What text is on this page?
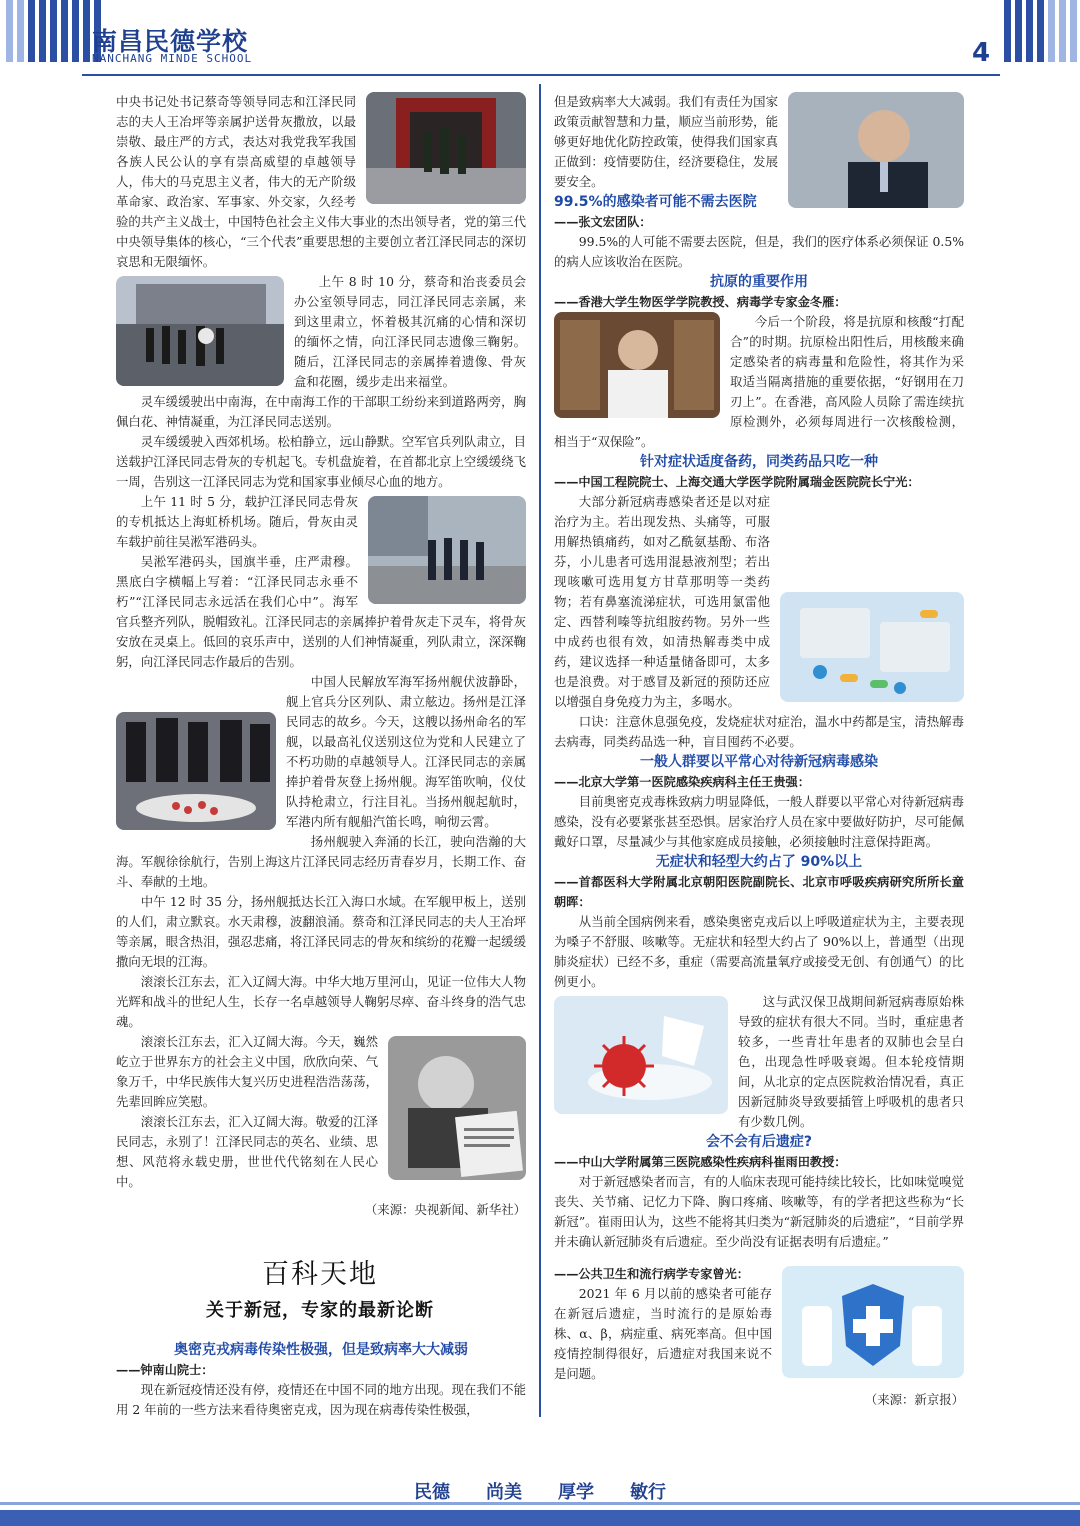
南昌民德学校
NANCHANG MINDE SCHOOL	4

中央书记处书记蔡奇等领导同志和江泽民同志的夫人王冶坪等亲属护送骨灰撒放，以最崇敬、最庄严的方式，表达对我党我军我国各族人民公认的享有崇高威望的卓越领导人，伟大的马克思主义者，伟大的无产阶级革命家、政治家、军事家、外交家，久经考验的共产主义战士，中国特色社会主义伟大事业的杰出领导者，党的第三代中央领导集体的核心，“三个代表”重要思想的主要创立者江泽民同志的深切哀思和无限缅怀。

上午 8 时 10 分，蔡奇和治丧委员会办公室领导同志，同江泽民同志亲属，来到这里肃立，怀着极其沉痛的心情和深切的缅怀之情，向江泽民同志遗像三鞠躬。随后，江泽民同志的亲属捧着遗像、骨灰盒和花圈，缓步走出来福堂。

灵车缓缓驶出中南海，在中南海工作的干部职工纷纷来到道路两旁，胸佩白花、神情凝重，为江泽民同志送别。

灵车缓缓驶入西郊机场。松柏静立，远山静默。空军官兵列队肃立，目送载护江泽民同志骨灰的专机起飞。专机盘旋着，在首都北京上空缓缓绕飞一周，告别这一江泽民同志为党和国家事业倾尽心血的地方。

上午 11 时 5 分，载护江泽民同志骨灰的专机抵达上海虹桥机场。随后，骨灰由灵车载护前往吴淞军港码头。

吴淞军港码头，国旗半垂，庄严肃穆。黑底白字横幅上写着：“江泽民同志永垂不朽”“江泽民同志永远活在我们心中”。海军官兵整齐列队，脱帽致礼。江泽民同志的亲属捧护着骨灰走下灵车，将骨灰安放在灵桌上。低回的哀乐声中，送别的人们神情凝重，列队肃立，深深鞠躬，向江泽民同志作最后的告别。

中国人民解放军海军扬州舰伏波静卧，舰上官兵分区列队、肃立舷边。扬州是江泽民同志的故乡。今天，这艘以扬州命名的军舰，以最高礼仪送别这位为党和人民建立了不朽功勋的卓越领导人。江泽民同志的亲属捧护着骨灰登上扬州舰。海军笛吹响，仪仗队持枪肃立，行注目礼。当扬州舰起航时，军港内所有舰船汽笛长鸣，响彻云霄。

扬州舰驶入奔涌的长江，驶向浩瀚的大海。军舰徐徐航行，告别上海这片江泽民同志经历青春岁月，长期工作、奋斗、奉献的土地。

中午 12 时 35 分，扬州舰抵达长江入海口水域。在军舰甲板上，送别的人们，肃立默哀。水天肃穆，波翻浪涌。蔡奇和江泽民同志的夫人王冶坪等亲属，眼含热泪，强忍悲痛，将江泽民同志的骨灰和缤纷的花瓣一起缓缓撒向无垠的江海。

滚滚长江东去，汇入辽阔大海。中华大地万里河山，见证一位伟大人物光辉和战斗的世纪人生，长存一名卓越领导人鞠躬尽瘁、奋斗终身的浩气忠魂。

滚滚长江东去，汇入辽阔大海。今天，巍然屹立于世界东方的社会主义中国，欣欣向荣、气象万千，中华民族伟大复兴历史进程浩浩荡荡，先辈回眸应笑慰。

滚滚长江东去，汇入辽阔大海。敬爱的江泽民同志，永别了！江泽民同志的英名、业绩、思想、风范将永载史册，世世代代铭刻在人民心中。

（来源：央视新闻、新华社）
百科天地
关于新冠，专家的最新论断
奥密克戎病毒传染性极强，但是致病率大大减弱
——钟南山院士：

现在新冠疫情还没有停，疫情还在中国不同的地方出现。现在我们不能用 2 年前的一些方法来看待奥密克戎，因为现在病毒传染性极强，

但是致病率大大减弱。我们有责任为国家政策贡献智慧和力量，顺应当前形势，能够更好地优化防控政策，使得我们国家真正做到：疫情要防住，经济要稳住，发展要安全。

99.5%的感染者可能不需去医院
——张文宏团队：

99.5%的人可能不需要去医院，但是，我们的医疗体系必须保证 0.5%的病人应该收治在医院。

抗原的重要作用
——香港大学生物医学学院教授、病毒学专家金冬雁：

今后一个阶段，将是抗原和核酸“打配合”的时期。抗原检出阳性后，用核酸来确定感染者的病毒量和危险性，将其作为采取适当隔离措施的重要依据，“好钢用在刀刃上”。在香港，高风险人员除了需连续抗原检测外，必须每周进行一次核酸检测，相当于“双保险”。

针对症状适度备药，同类药品只吃一种
——中国工程院院士、上海交通大学医学院附属瑞金医院院长宁光：

大部分新冠病毒感染者还是以对症治疗为主。若出现发热、头痛等，可服用解热镇痛药，如对乙酰氨基酚、布洛芬，小儿患者可选用混悬液剂型；若出现咳嗽可选用复方甘草那明等一类药物；若有鼻塞流涕症状，可选用氯雷他定、西替利嗪等抗组胺药物。另外一些中成药也很有效，如清热解毒类中成药，建议选择一种适量储备即可，太多也是浪费。对于感冒及新冠的预防还应以增强自身免疫力为主，多喝水。

口诀：注意休息强免疫，发烧症状对症治，温水中药都是宝，清热解毒去病毒，同类药品选一种，盲目囤药不必要。

一般人群要以平常心对待新冠病毒感染
——北京大学第一医院感染疾病科主任王贵强：

目前奥密克戎毒株致病力明显降低，一般人群要以平常心对待新冠病毒感染，没有必要紧张甚至恐惧。居家治疗人员在家中要做好防护，尽可能佩戴好口罩，尽量减少与其他家庭成员接触，必须接触时注意保持距离。

无症状和轻型大约占了 90%以上
——首都医科大学附属北京朝阳医院副院长、北京市呼吸疾病研究所所长童朝晖：

从当前全国病例来看，感染奥密克戎后以上呼吸道症状为主，主要表现为嗓子不舒服、咳嗽等。无症状和轻型大约占了 90%以上，普通型（出现肺炎症状）已经不多，重症（需要高流量氧疗或接受无创、有创通气）的比例更小。

这与武汉保卫战期间新冠病毒原始株导致的症状有很大不同。当时，重症患者较多，一些青壮年患者的双肺也会呈白色，出现急性呼吸衰竭。但本轮疫情期间，从北京的定点医院救治情况看，真正因新冠肺炎导致要插管上呼吸机的患者只有少数几例。

会不会有后遗症?
——中山大学附属第三医院感染性疾病科崔雨田教授：

对于新冠感染者而言，有的人临床表现可能持续比较长，比如味觉嗅觉丧失、关节痛、记忆力下降、胸口疼痛、咳嗽等，有的学者把这些称为“长新冠”。崔雨田认为，这些不能将其归类为“新冠肺炎的后遗症”，“目前学界并未确认新冠肺炎有后遗症。至少尚没有证据表明有后遗症。”

——公共卫生和流行病学专家曾光：

2021 年 6 月以前的感染者可能存在新冠后遗症，当时流行的是原始毒株、α、β，病症重、病死率高。但中国疫情控制得很好，后遗症对我国来说不是问题。

（来源：新京报）
民德 尚美 厚学 敏行
